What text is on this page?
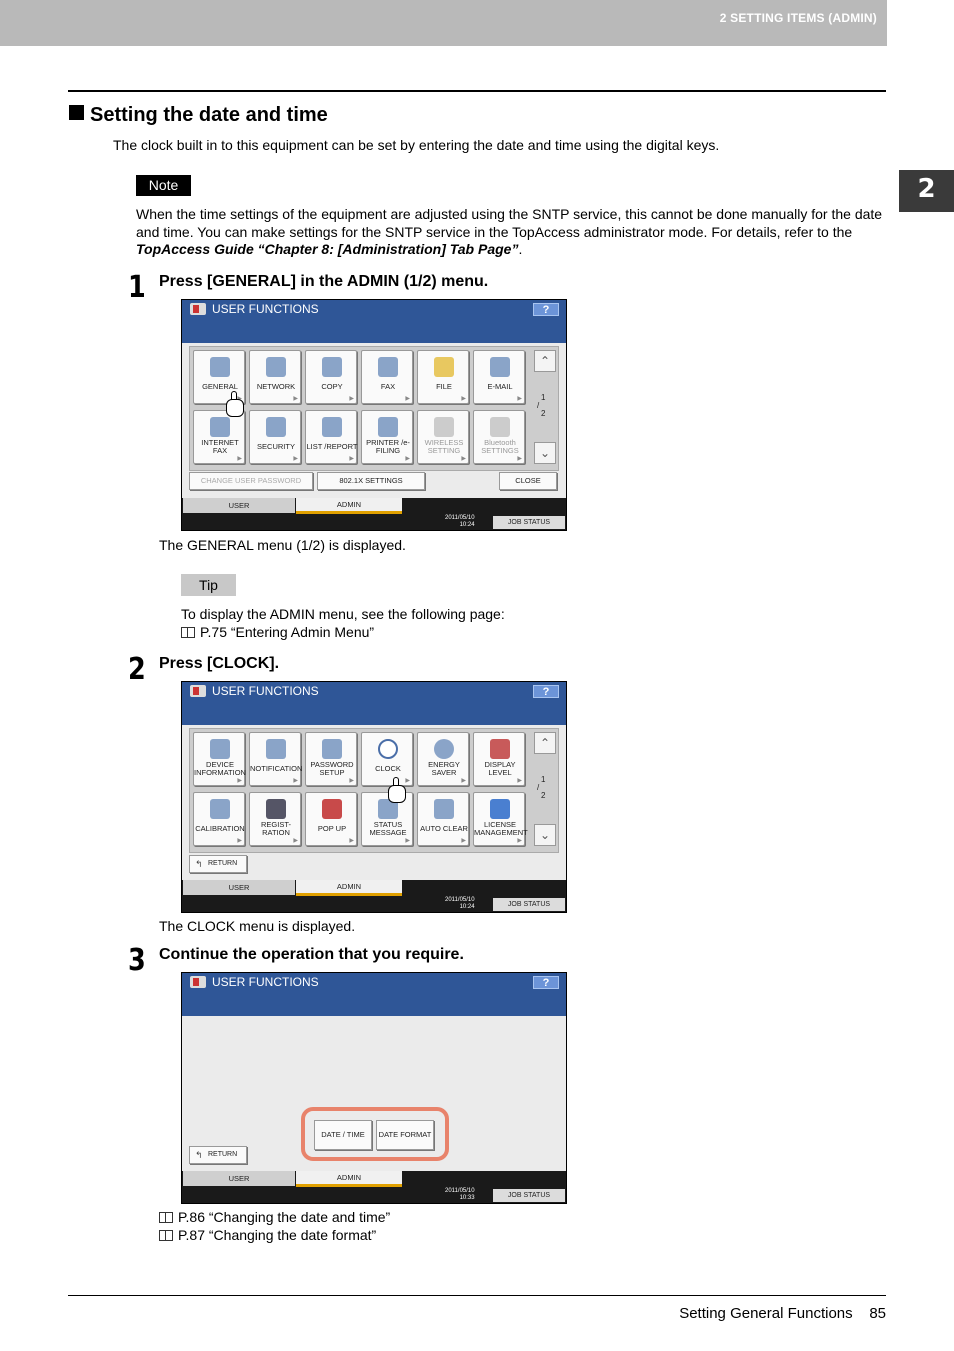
2 SETTING ITEMS (ADMIN)
2
Setting the date and time
The clock built in to this equipment can be set by entering the date and time using the digital keys.
Note
When the time settings of the equipment are adjusted using the SNTP service, this cannot be done manually for the date and time. You can make settings for the SNTP service in the TopAccess administrator mode. For details, refer to the TopAccess Guide “Chapter 8: [Administration] Tab Page”.
1 Press [GENERAL] in the ADMIN (1/2) menu.
USER FUNCTIONS	?
GENERAL	NETWORK
▶
COPY
▶
FAX
▶
FILE
▶
E-MAIL
▶
INTERNET FAX
▶
SECURITY
▶
LIST /REPORT
▶
PRINTER /e-FILING
▶
WIRELESS SETTING
▶
Bluetooth SETTINGS
▶
⌃
1
/
2
⌄
CHANGE USER PASSWORD	802.1X SETTINGS	CLOSE
USER	ADMIN
2011/05/10
10:24	JOB STATUS
The GENERAL menu (1/2) is displayed.
Tip
To display the ADMIN menu, see the following page:
P.75 “Entering Admin Menu”
2 Press [CLOCK].
USER FUNCTIONS	?
DEVICE INFORMATION
▶
NOTIFICATION
▶
PASSWORD SETUP
▶
CLOCK
▶
ENERGY SAVER
▶
DISPLAY LEVEL
▶
CALIBRATION
▶
REGIST- RATION
▶
POP UP
▶
STATUS MESSAGE
▶
AUTO CLEAR
▶
LICENSE MANAGEMENT
▶
⌃
1
/
2
⌄
↰ RETURN
USER	ADMIN
2011/05/10
10:24	JOB STATUS
The CLOCK menu is displayed.
3 Continue the operation that you require.
USER FUNCTIONS	?
DATE / TIME	DATE FORMAT
↰ RETURN
USER	ADMIN
2011/05/10
10:33	JOB STATUS
P.86 “Changing the date and time”
P.87 “Changing the date format”
Setting General Functions 85
